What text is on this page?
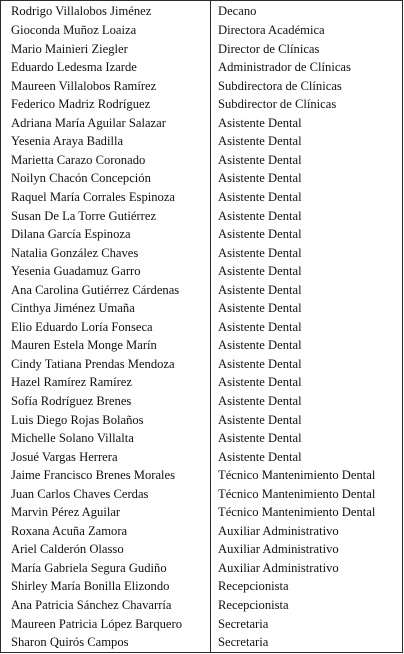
Rodrigo Villalobos Jiménez	Decano
Gioconda Muñoz Loaiza	Directora Académica
Mario Mainieri Ziegler	Director de Clínicas
Eduardo Ledesma Izarde	Administrador de Clínicas
Maureen Villalobos Ramírez	Subdirectora de Clínicas
Federico Madriz Rodríguez	Subdirector de Clínicas
Adriana María Aguilar Salazar	Asistente Dental
Yesenia Araya Badilla	Asistente Dental
Marietta Carazo Coronado	Asistente Dental
Noilyn Chacón Concepción	Asistente Dental
Raquel María Corrales Espinoza	Asistente Dental
Susan De La Torre Gutiérrez	Asistente Dental
Dilana García Espinoza	Asistente Dental
Natalia González Chaves	Asistente Dental
Yesenia Guadamuz Garro	Asistente Dental
Ana Carolina Gutiérrez Cárdenas	Asistente Dental
Cinthya Jiménez Umaña	Asistente Dental
Elio Eduardo Loría Fonseca	Asistente Dental
Mauren Estela Monge Marín	Asistente Dental
Cindy Tatiana Prendas Mendoza	Asistente Dental
Hazel Ramírez Ramírez	Asistente Dental
Sofía Rodríguez Brenes	Asistente Dental
Luis Diego Rojas Bolaños	Asistente Dental
Michelle Solano Villalta	Asistente Dental
Josué Vargas Herrera	Asistente Dental
Jaime Francisco Brenes Morales	Técnico Mantenimiento Dental
Juan Carlos Chaves Cerdas	Técnico Mantenimiento Dental
Marvin Pérez Aguilar	Técnico Mantenimiento Dental
Roxana Acuña Zamora	Auxiliar Administrativo
Ariel Calderón Olasso	Auxiliar Administrativo
María Gabriela Segura Gudiño	Auxiliar Administrativo
Shirley María Bonilla Elizondo	Recepcionista
Ana Patricia Sánchez Chavarría	Recepcionista
Maureen Patricia López Barquero	Secretaria
Sharon Quirós Campos	Secretaria
